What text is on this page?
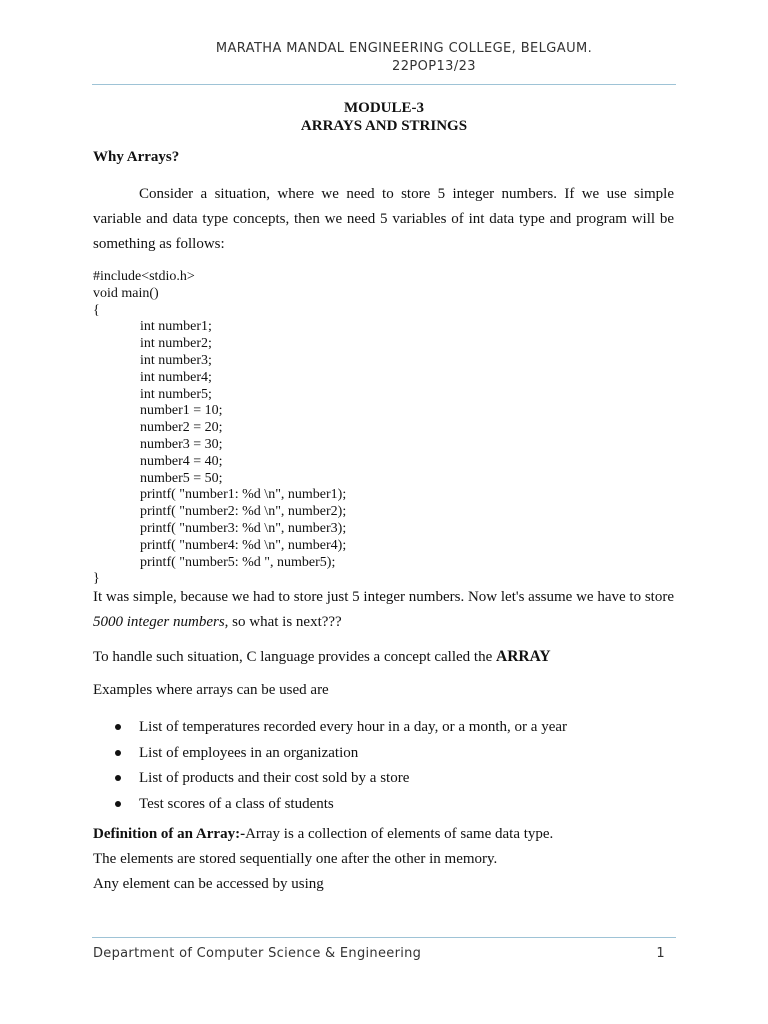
MARATHA MANDAL ENGINEERING COLLEGE, BELGAUM.
22POP13/23
MODULE-3
ARRAYS AND STRINGS
Why Arrays?
Consider a situation, where we need to store 5 integer numbers. If we use simple variable and data type concepts, then we need 5 variables of int data type and program will be something as follows:
#include<stdio.h>
void main()
{
int number1;
int number2;
int number3;
int number4;
int number5;
number1 = 10;
number2 = 20;
number3 = 30;
number4 = 40;
number5 = 50;
printf( "number1: %d \n", number1);
printf( "number2: %d \n", number2);
printf( "number3: %d \n", number3);
printf( "number4: %d \n", number4);
printf( "number5: %d ", number5);
}
It was simple, because we had to store just 5 integer numbers. Now let's assume we have to store 5000 integer numbers, so what is next???
To handle such situation, C language provides a concept called the ARRAY
Examples where arrays can be used are
List of temperatures recorded every hour in a day, or a month, or a year
List of employees in an organization
List of products and their cost sold by a store
Test scores of a class of students
Definition of an Array:-Array is a collection of elements of same data type.
The elements are stored sequentially one after the other in memory.
Any element can be accessed by using
Department of Computer Science & Engineering	1
